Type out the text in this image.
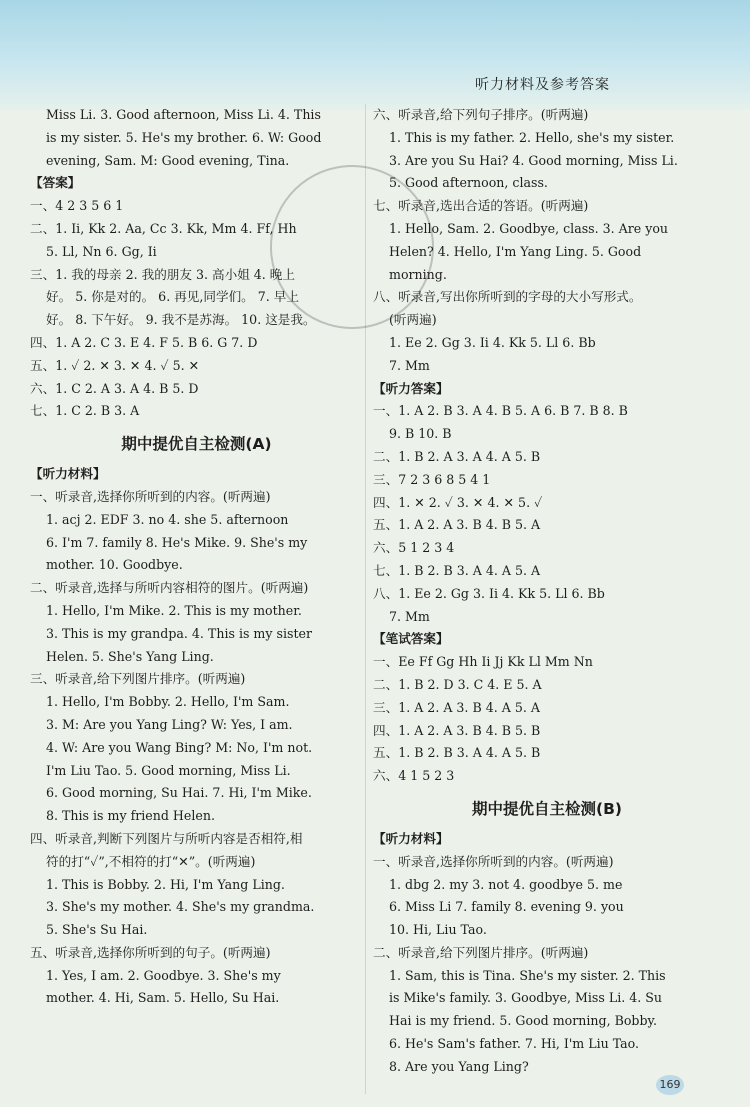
听力材料及参考答案
Miss Li. 3. Good afternoon, Miss Li. 4. This
is my sister. 5. He's my brother. 6. W: Good
evening, Sam. M: Good evening, Tina.
【答案】
一、4 2 3 5 6 1
二、1. Ii, Kk 2. Aa, Cc 3. Kk, Mm 4. Ff, Hh
5. Ll, Nn 6. Gg, Ii
三、1. 我的母亲 2. 我的朋友 3. 高小姐 4. 晚上
好。 5. 你是对的。 6. 再见,同学们。 7. 早上
好。 8. 下午好。 9. 我不是苏海。 10. 这是我。
四、1. A 2. C 3. E 4. F 5. B 6. G 7. D
五、1. ✓ 2. ✕ 3. ✕ 4. ✓ 5. ✕
六、1. C 2. A 3. A 4. B 5. D
七、1. C 2. B 3. A
期中提优自主检测(A)
【听力材料】
一、听录音,选择你所听到的内容。(听两遍)
1. acj 2. EDF 3. no 4. she 5. afternoon
6. I'm 7. family 8. He's Mike. 9. She's my
mother. 10. Goodbye.
二、听录音,选择与所听内容相符的图片。(听两遍)
1. Hello, I'm Mike. 2. This is my mother.
3. This is my grandpa. 4. This is my sister
Helen. 5. She's Yang Ling.
三、听录音,给下列图片排序。(听两遍)
1. Hello, I'm Bobby. 2. Hello, I'm Sam.
3. M: Are you Yang Ling? W: Yes, I am.
4. W: Are you Wang Bing? M: No, I'm not.
I'm Liu Tao. 5. Good morning, Miss Li.
6. Good morning, Su Hai. 7. Hi, I'm Mike.
8. This is my friend Helen.
四、听录音,判断下列图片与所听内容是否相符,相
符的打“✓”,不相符的打“✕”。(听两遍)
1. This is Bobby. 2. Hi, I'm Yang Ling.
3. She's my mother. 4. She's my grandma.
5. She's Su Hai.
五、听录音,选择你所听到的句子。(听两遍)
1. Yes, I am. 2. Goodbye. 3. She's my
mother. 4. Hi, Sam. 5. Hello, Su Hai.
六、听录音,给下列句子排序。(听两遍)
1. This is my father. 2. Hello, she's my sister.
3. Are you Su Hai? 4. Good morning, Miss Li.
5. Good afternoon, class.
七、听录音,选出合适的答语。(听两遍)
1. Hello, Sam. 2. Goodbye, class. 3. Are you
Helen? 4. Hello, I'm Yang Ling. 5. Good
morning.
八、听录音,写出你所听到的字母的大小写形式。
(听两遍)
1. Ee 2. Gg 3. Ii 4. Kk 5. Ll 6. Bb
7. Mm
【听力答案】
一、1. A 2. B 3. A 4. B 5. A 6. B 7. B 8. B
9. B 10. B
二、1. B 2. A 3. A 4. A 5. B
三、7 2 3 6 8 5 4 1
四、1. ✕ 2. ✓ 3. ✕ 4. ✕ 5. ✓
五、1. A 2. A 3. B 4. B 5. A
六、5 1 2 3 4
七、1. B 2. B 3. A 4. A 5. A
八、1. Ee 2. Gg 3. Ii 4. Kk 5. Ll 6. Bb
7. Mm
【笔试答案】
一、Ee Ff Gg Hh Ii Jj Kk Ll Mm Nn
二、1. B 2. D 3. C 4. E 5. A
三、1. A 2. A 3. B 4. A 5. A
四、1. A 2. A 3. B 4. B 5. B
五、1. B 2. B 3. A 4. A 5. B
六、4 1 5 2 3
期中提优自主检测(B)
【听力材料】
一、听录音,选择你所听到的内容。(听两遍)
1. dbg 2. my 3. not 4. goodbye 5. me
6. Miss Li 7. family 8. evening 9. you
10. Hi, Liu Tao.
二、听录音,给下列图片排序。(听两遍)
1. Sam, this is Tina. She's my sister. 2. This
is Mike's family. 3. Goodbye, Miss Li. 4. Su
Hai is my friend. 5. Good morning, Bobby.
6. He's Sam's father. 7. Hi, I'm Liu Tao.
8. Are you Yang Ling?
169
